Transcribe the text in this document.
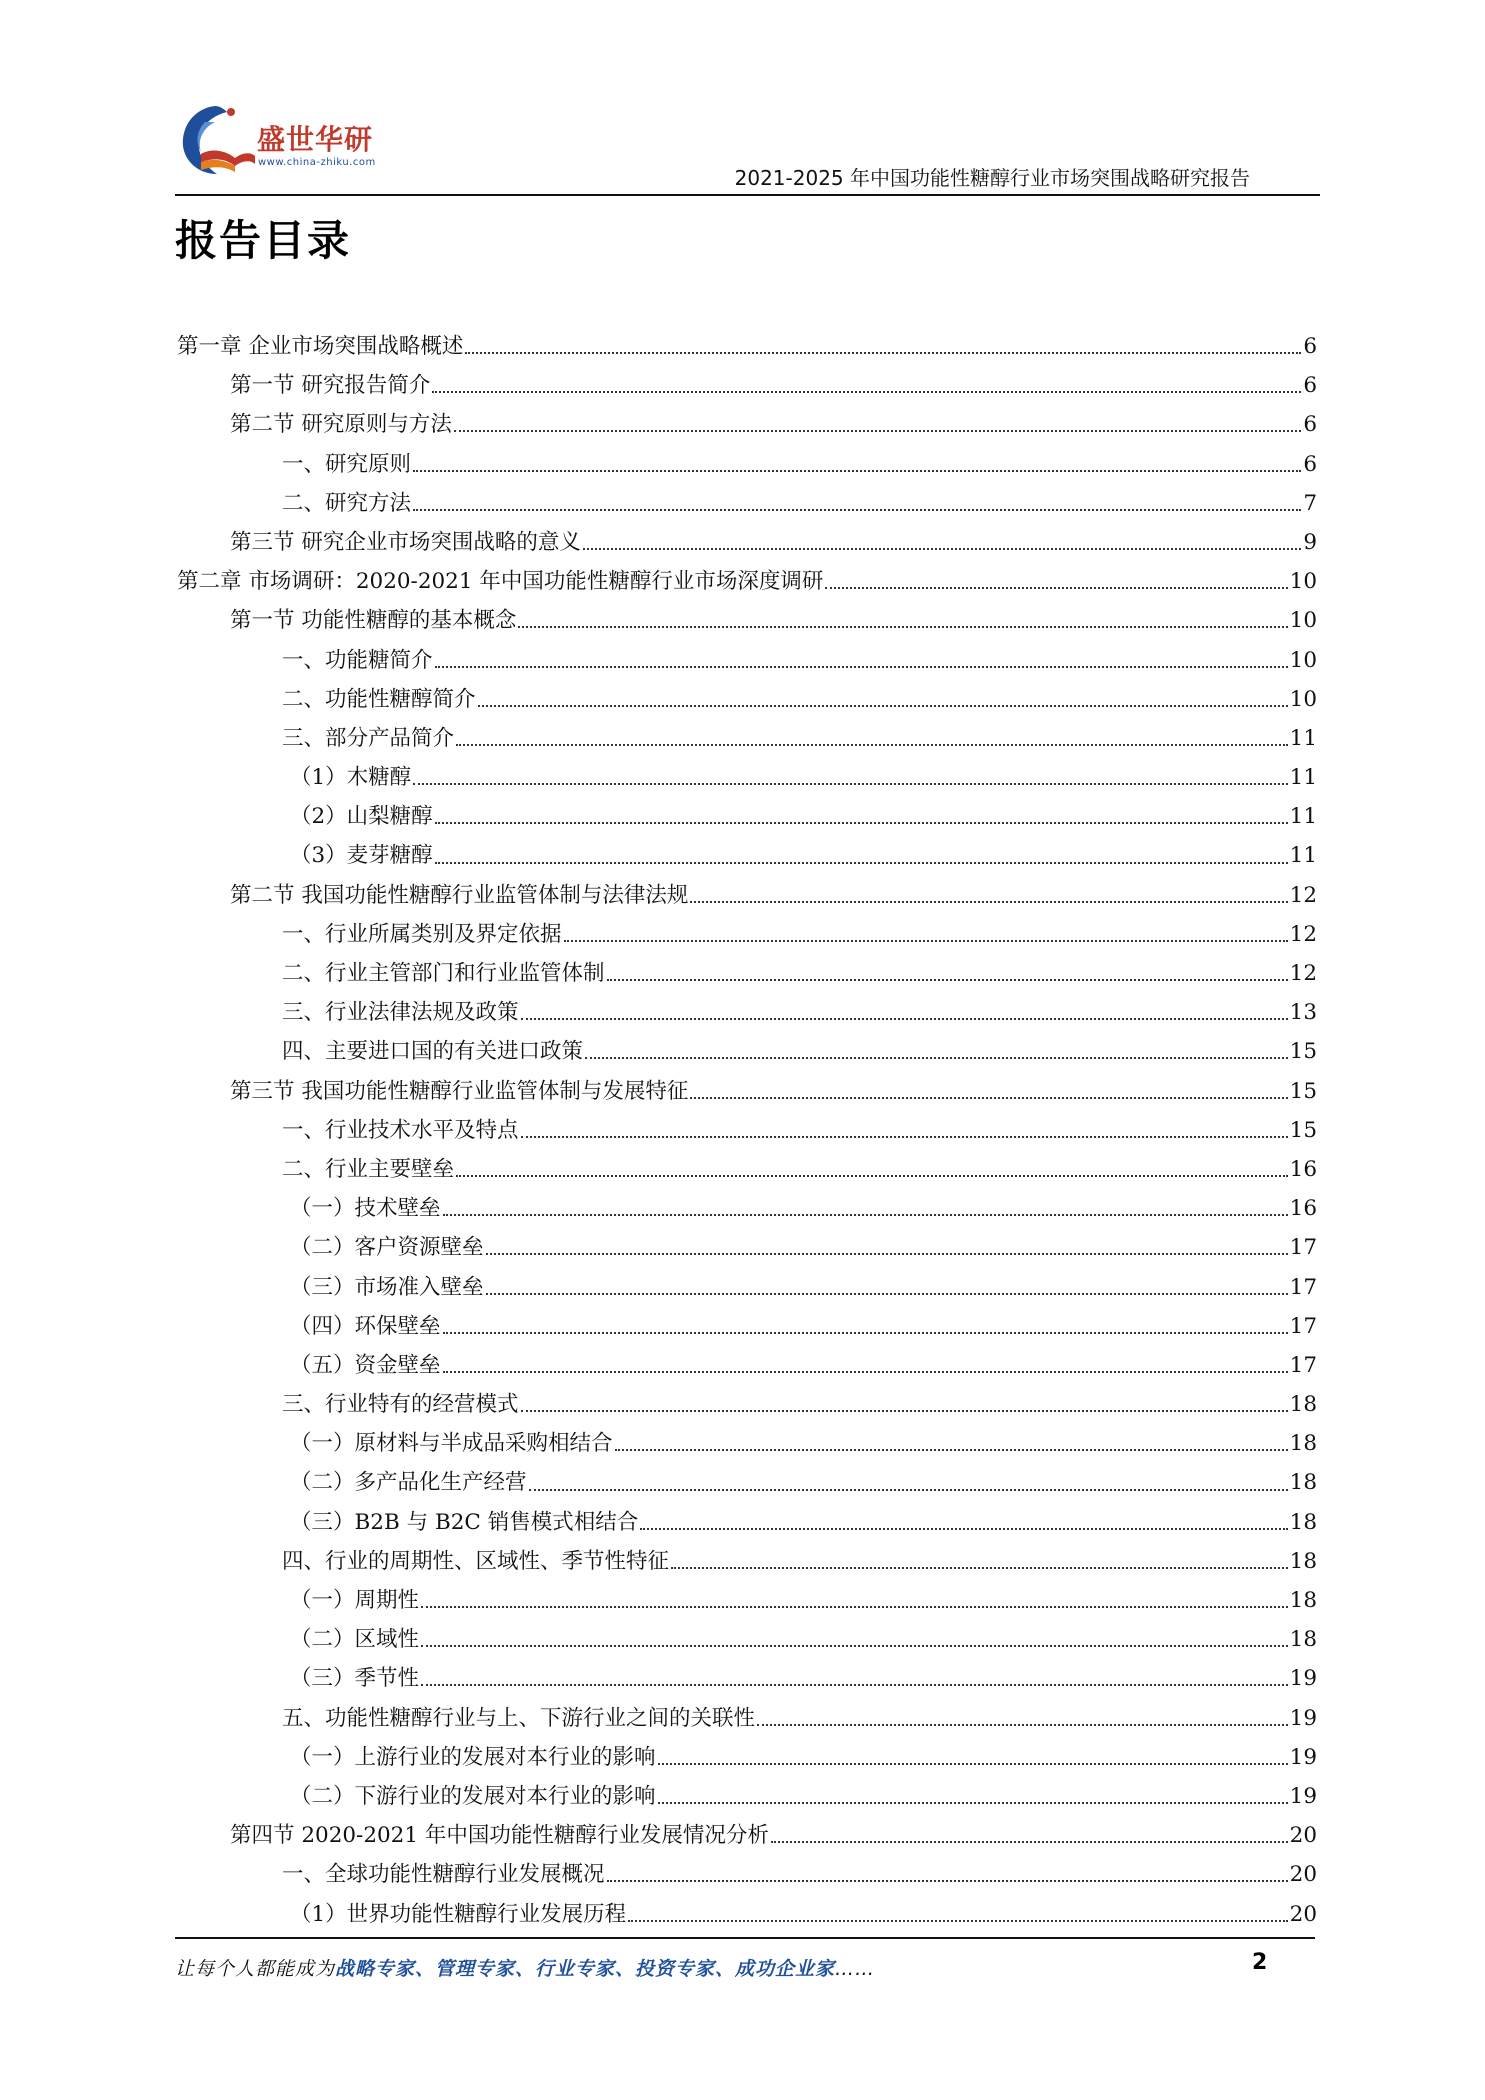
盛世华研
www.china-zhiku.com
2021-2025 年中国功能性糖醇行业市场突围战略研究报告
报告目录
第一章 企业市场突围战略概述	6
第一节 研究报告简介	6
第二节 研究原则与方法	6
一、研究原则	6
二、研究方法	7
第三节 研究企业市场突围战略的意义	9
第二章 市场调研：2020-2021 年中国功能性糖醇行业市场深度调研	10
第一节 功能性糖醇的基本概念	10
一、功能糖简介	10
二、功能性糖醇简介	10
三、部分产品简介	11
（1）木糖醇	11
（2）山梨糖醇	11
（3）麦芽糖醇	11
第二节 我国功能性糖醇行业监管体制与法律法规	12
一、行业所属类别及界定依据	12
二、行业主管部门和行业监管体制	12
三、行业法律法规及政策	13
四、主要进口国的有关进口政策	15
第三节 我国功能性糖醇行业监管体制与发展特征	15
一、行业技术水平及特点	15
二、行业主要壁垒	16
（一）技术壁垒	16
（二）客户资源壁垒	17
（三）市场准入壁垒	17
（四）环保壁垒	17
（五）资金壁垒	17
三、行业特有的经营模式	18
（一）原材料与半成品采购相结合	18
（二）多产品化生产经营	18
（三）B2B 与 B2C 销售模式相结合	18
四、行业的周期性、区域性、季节性特征	18
（一）周期性	18
（二）区域性	18
（三）季节性	19
五、功能性糖醇行业与上、下游行业之间的关联性	19
（一）上游行业的发展对本行业的影响	19
（二）下游行业的发展对本行业的影响	19
第四节 2020-2021 年中国功能性糖醇行业发展情况分析	20
一、全球功能性糖醇行业发展概况	20
（1）世界功能性糖醇行业发展历程	20
让每个人都能成为战略专家、管理专家、行业专家、投资专家、成功企业家……	2
